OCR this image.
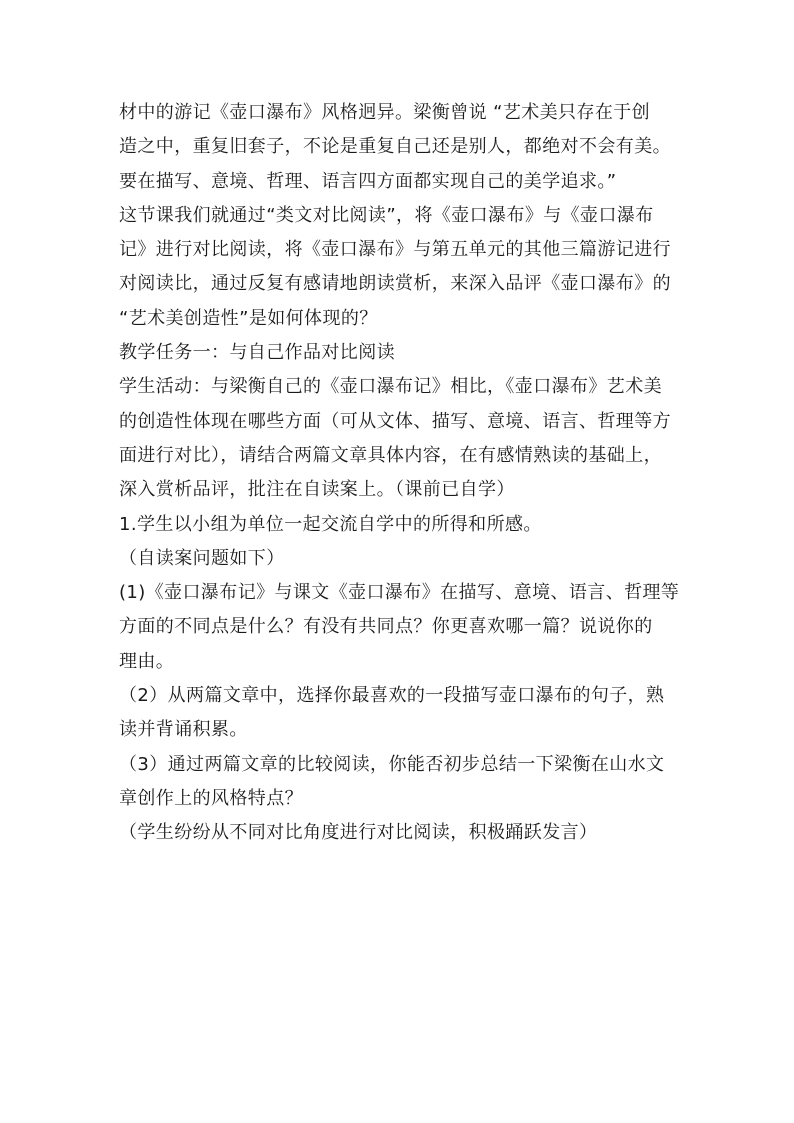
材中的游记《壶口瀑布》风格迥异。梁衡曾说 “艺术美只存在于创
造之中，重复旧套子，不论是重复自己还是别人，都绝对不会有美。
要在描写、意境、哲理、语言四方面都实现自己的美学追求。”
这节课我们就通过“类文对比阅读”，将《壶口瀑布》与《壶口瀑布
记》进行对比阅读，将《壶口瀑布》与第五单元的其他三篇游记进行
对阅读比，通过反复有感请地朗读赏析，来深入品评《壶口瀑布》的
“艺术美创造性”是如何体现的？
教学任务一：与自己作品对比阅读
学生活动：与梁衡自己的《壶口瀑布记》相比，《壶口瀑布》艺术美
的创造性体现在哪些方面（可从文体、描写、意境、语言、哲理等方
面进行对比），请结合两篇文章具体内容，在有感情熟读的基础上，
深入赏析品评，批注在自读案上。（课前已自学）
1.学生以小组为单位一起交流自学中的所得和所感。
（自读案问题如下）
(1)《壶口瀑布记》与课文《壶口瀑布》在描写、意境、语言、哲理等
方面的不同点是什么？有没有共同点？你更喜欢哪一篇？说说你的
理由。
（2）从两篇文章中，选择你最喜欢的一段描写壶口瀑布的句子，熟
读并背诵积累。
（3）通过两篇文章的比较阅读，你能否初步总结一下梁衡在山水文
章创作上的风格特点？
（学生纷纷从不同对比角度进行对比阅读，积极踊跃发言）
